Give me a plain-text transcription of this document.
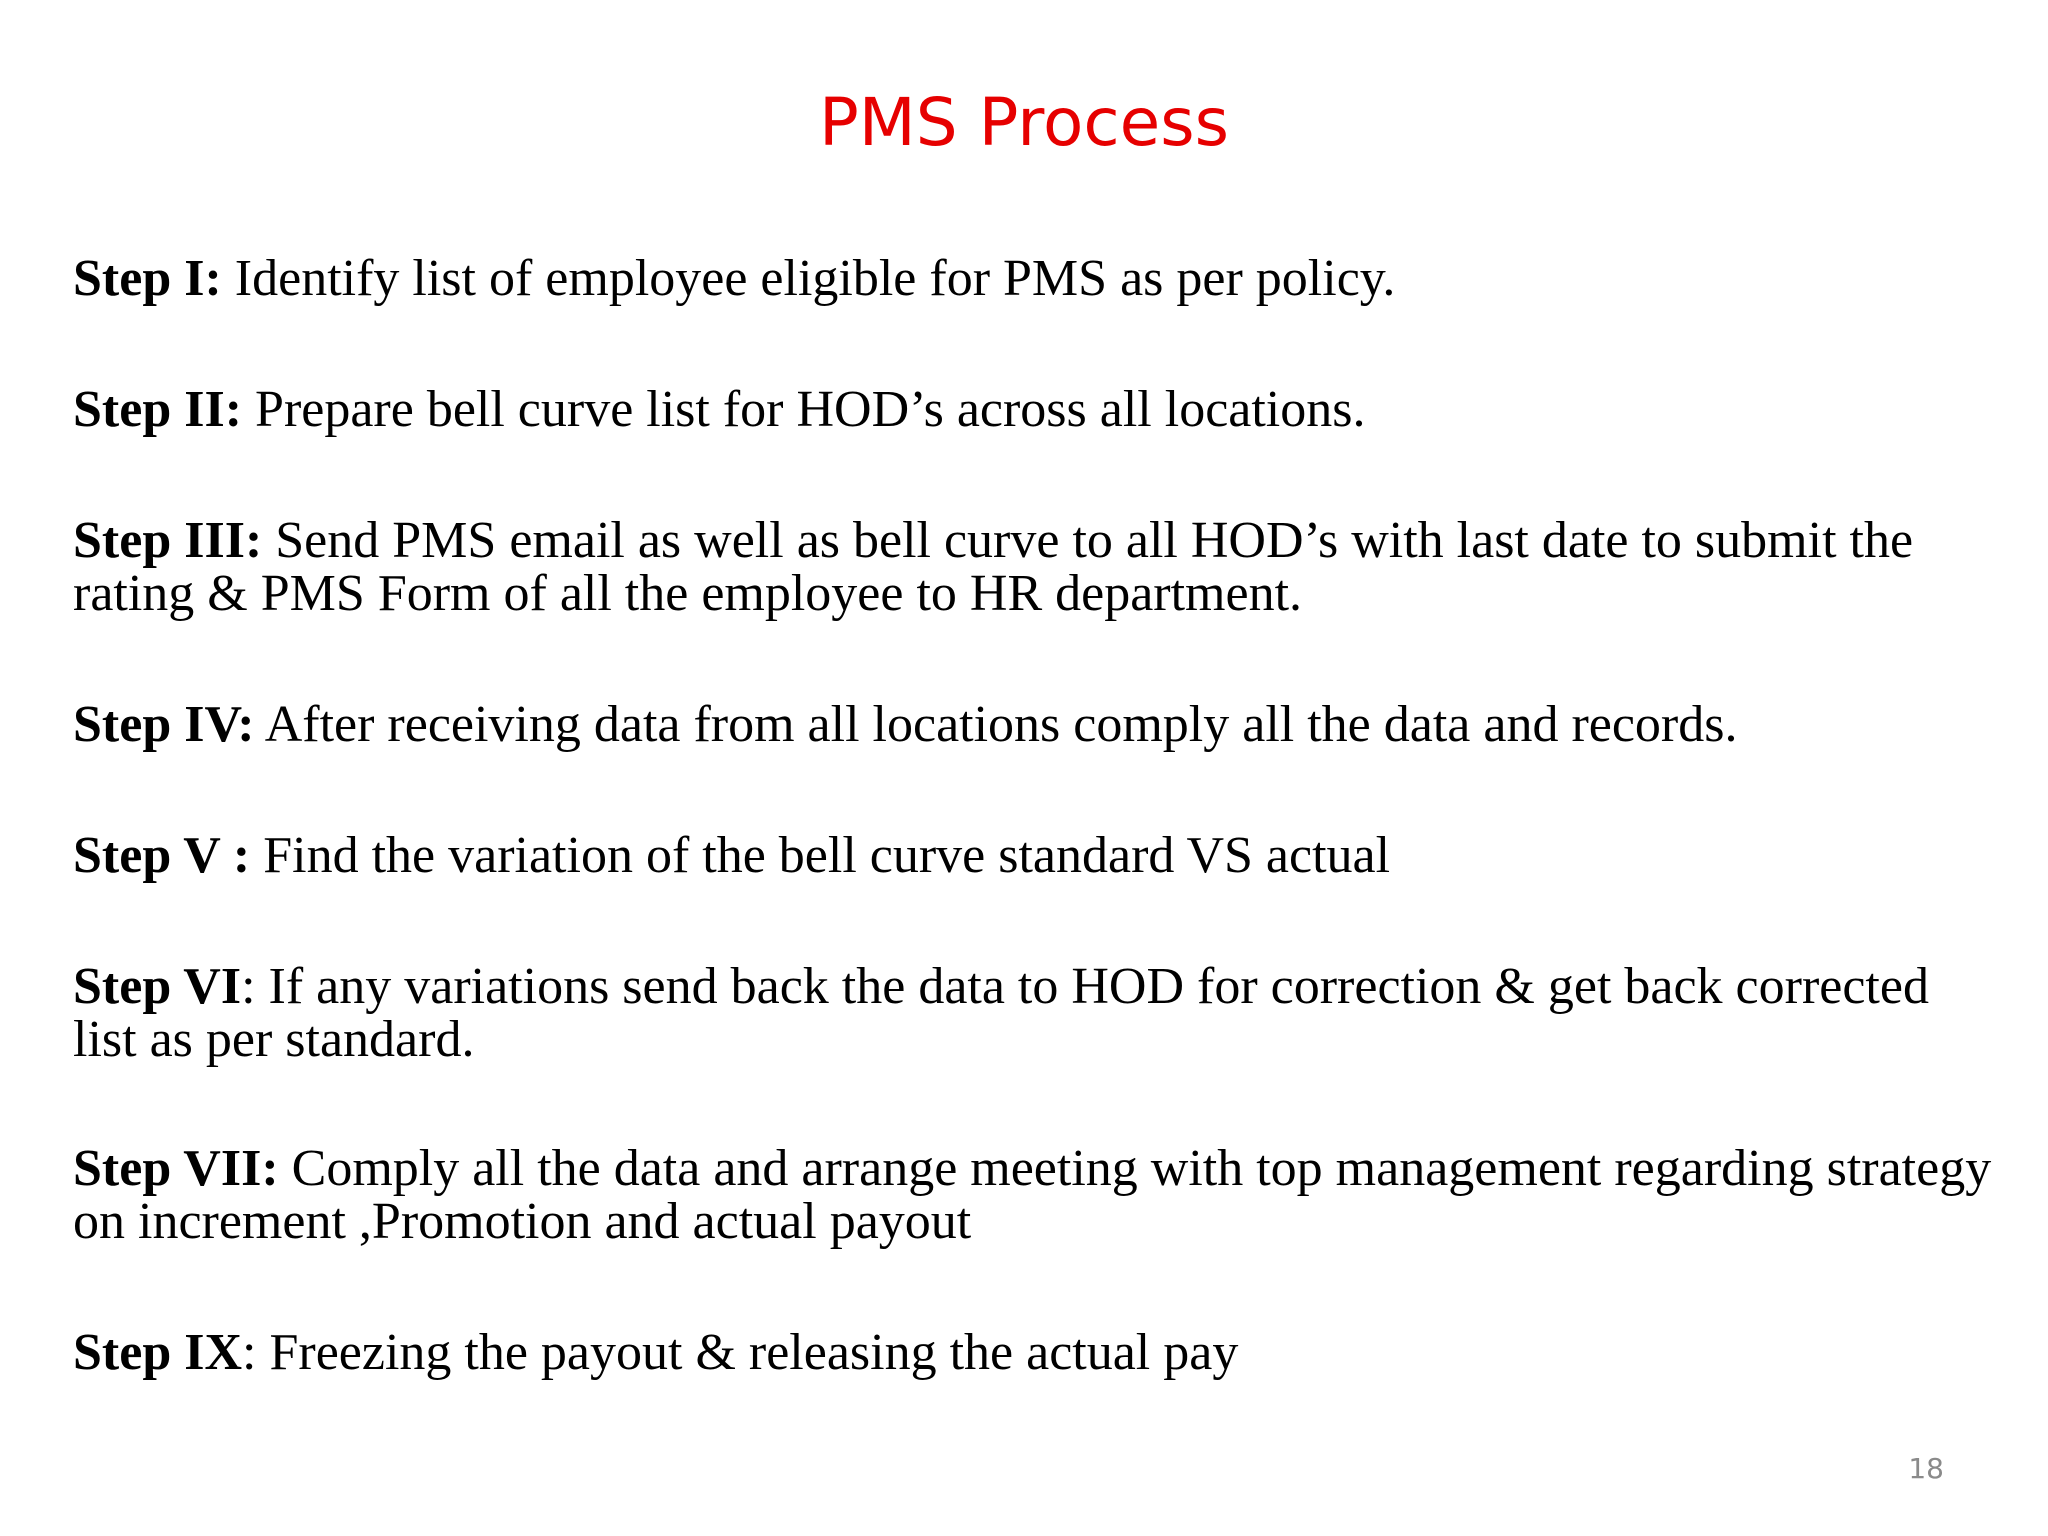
PMS Process

Step I: Identify list of employee eligible for PMS as per policy.

Step II: Prepare bell curve list for HOD’s across all locations.

Step III: Send PMS email as well as bell curve to all HOD’s with last date to submit the rating & PMS Form of all the employee to HR department.

Step IV: After receiving data from all locations comply all the data and records.

Step V : Find the variation of the bell curve standard VS actual

Step VI: If any variations send back the data to HOD for correction & get back corrected list as per standard.

Step VII: Comply all the data and arrange meeting with top management regarding strategy on increment ,Promotion and actual payout

Step IX: Freezing the payout & releasing the actual pay

18
